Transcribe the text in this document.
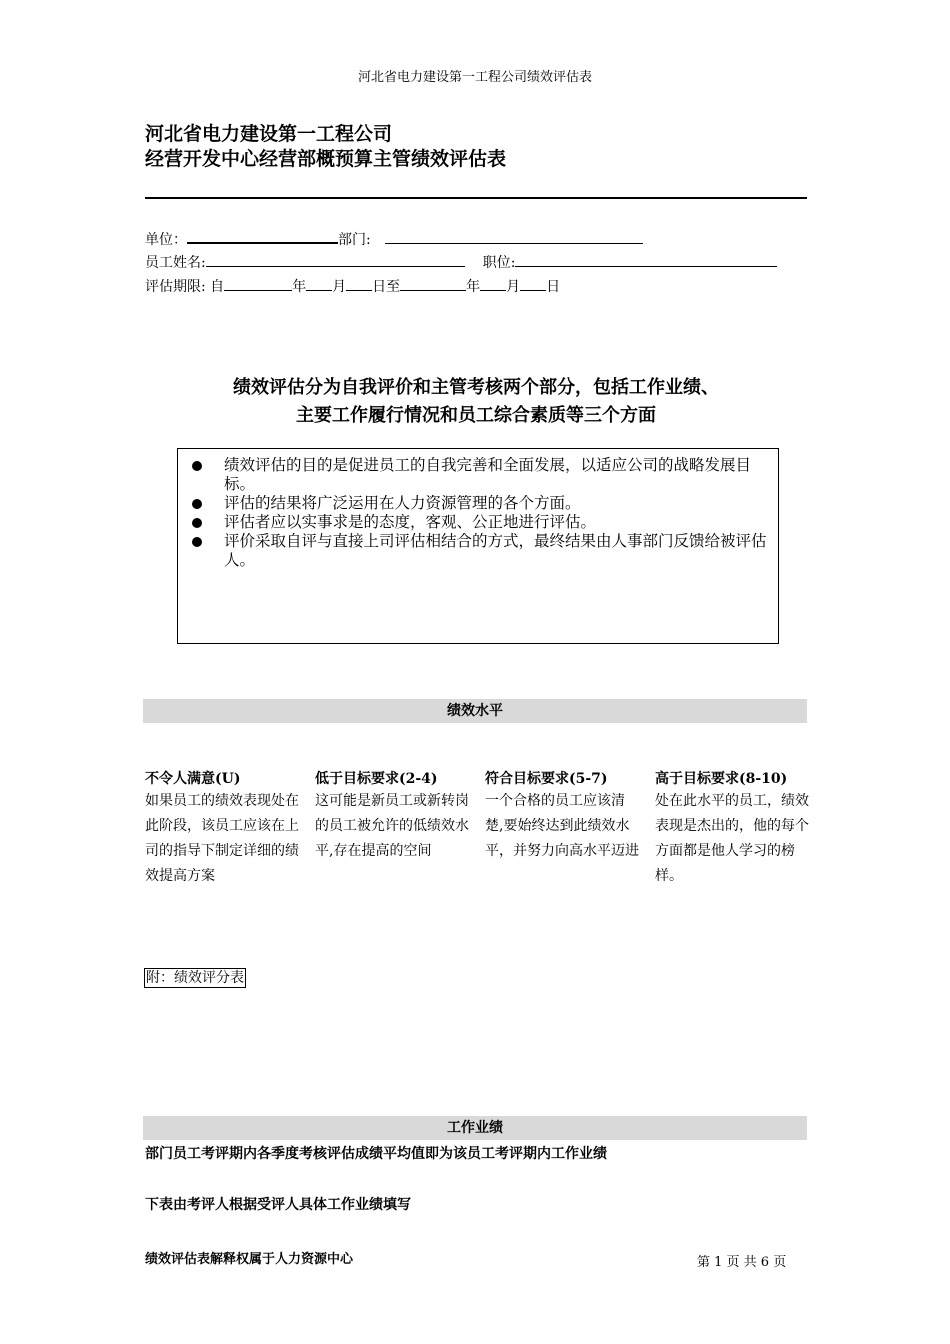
河北省电力建设第一工程公司绩效评估表
河北省电力建设第一工程公司
经营开发中心经营部概预算主管绩效评估表
单位：	部门:
员工姓名:	职位:
评估期限: 自	年 月 日至	年 月 日
绩效评估分为自我评价和主管考核两个部分，包括工作业绩、
主要工作履行情况和员工综合素质等三个方面
绩效评估的目的是促进员工的自我完善和全面发展，以适应公司的战略发展目标。
评估的结果将广泛运用在人力资源管理的各个方面。
评估者应以实事求是的态度，客观、公正地进行评估。
评价采取自评与直接上司评估相结合的方式，最终结果由人事部门反馈给被评估人。
绩效水平
不令人满意(U)
如果员工的绩效表现处在此阶段，该员工应该在上司的指导下制定详细的绩效提高方案
低于目标要求(2-4)
这可能是新员工或新转岗的员工被允许的低绩效水平,存在提高的空间
符合目标要求(5-7)
一个合格的员工应该清楚,要始终达到此绩效水平，并努力向高水平迈进
高于目标要求(8-10)
处在此水平的员工，绩效表现是杰出的，他的每个方面都是他人学习的榜样。
附：绩效评分表
工作业绩
部门员工考评期内各季度考核评估成绩平均值即为该员工考评期内工作业绩
下表由考评人根据受评人具体工作业绩填写
绩效评估表解释权属于人力资源中心	第 1 页 共 6 页
